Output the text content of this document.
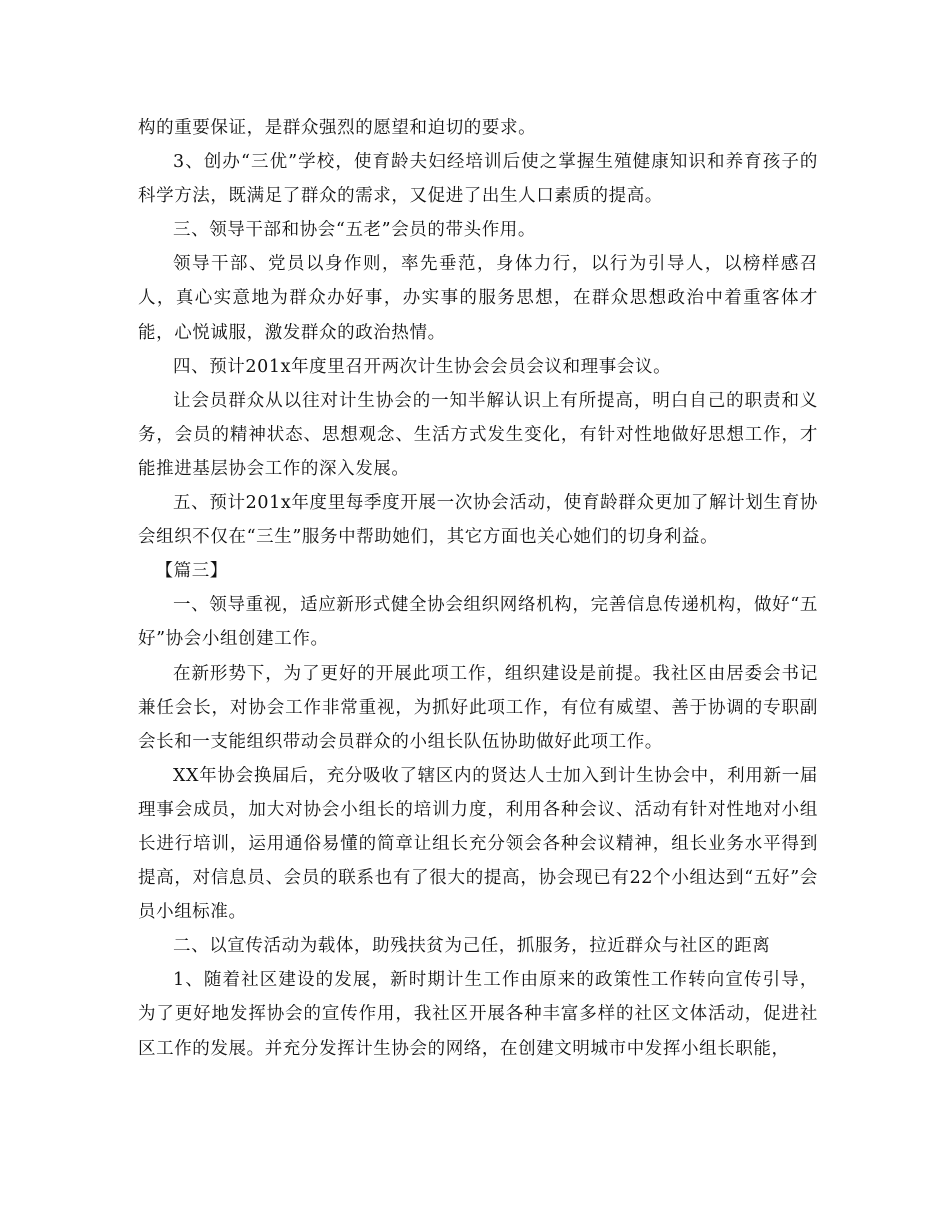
构的重要保证，是群众强烈的愿望和迫切的要求。

3、创办“三优”学校，使育龄夫妇经培训后使之掌握生殖健康知识和养育孩子的科学方法，既满足了群众的需求，又促进了出生人口素质的提高。

三、领导干部和协会“五老”会员的带头作用。

领导干部、党员以身作则，率先垂范，身体力行，以行为引导人，以榜样感召人，真心实意地为群众办好事，办实事的服务思想，在群众思想政治中着重客体才能，心悦诚服，激发群众的政治热情。

四、预计201x年度里召开两次计生协会会员会议和理事会议。

让会员群众从以往对计生协会的一知半解认识上有所提高，明白自己的职责和义务，会员的精神状态、思想观念、生活方式发生变化，有针对性地做好思想工作，才能推进基层协会工作的深入发展。

五、预计201x年度里每季度开展一次协会活动，使育龄群众更加了解计划生育协会组织不仅在“三生”服务中帮助她们，其它方面也关心她们的切身利益。

【篇三】

一、领导重视，适应新形式健全协会组织网络机构，完善信息传递机构，做好“五好”协会小组创建工作。

在新形势下，为了更好的开展此项工作，组织建设是前提。我社区由居委会书记兼任会长，对协会工作非常重视，为抓好此项工作，有位有威望、善于协调的专职副会长和一支能组织带动会员群众的小组长队伍协助做好此项工作。

XX年协会换届后，充分吸收了辖区内的贤达人士加入到计生协会中，利用新一届理事会成员，加大对协会小组长的培训力度，利用各种会议、活动有针对性地对小组长进行培训，运用通俗易懂的简章让组长充分领会各种会议精神，组长业务水平得到提高，对信息员、会员的联系也有了很大的提高，协会现已有22个小组达到“五好”会员小组标准。

二、以宣传活动为载体，助残扶贫为己任，抓服务，拉近群众与社区的距离

1、随着社区建设的发展，新时期计生工作由原来的政策性工作转向宣传引导，为了更好地发挥协会的宣传作用，我社区开展各种丰富多样的社区文体活动，促进社区工作的发展。并充分发挥计生协会的网络，在创建文明城市中发挥小组长职能，
